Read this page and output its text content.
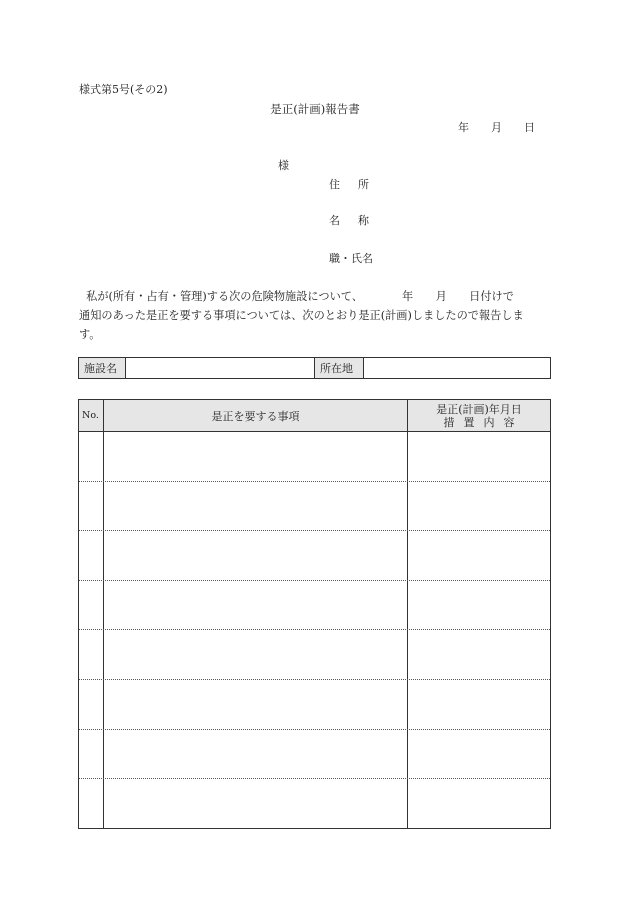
様式第5号(その2)
是正(計画)報告書
年 月 日
様
住所
名称
職・氏名
私が(所有・占有・管理)する次の危険物施設について、　　　　年　　月　　日付けで
通知のあった是正を要する事項については、次のとおり是正(計画)しましたので報告しま
す。
施設名	所在地
No.	是正を要する事項
是正(計画)年月日
措置内容
